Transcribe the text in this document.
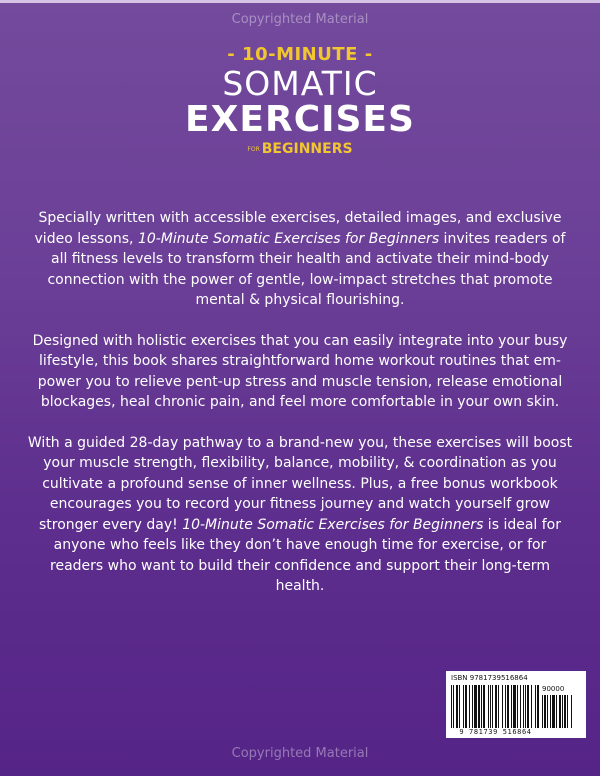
Copyrighted Material
- 10-MINUTE -
SOMATIC
EXERCISES
FOR BEGINNERS

Specially written with accessible exercises, detailed images, and exclusive video lessons, 10-Minute Somatic Exercises for Beginners invites readers of all fitness levels to transform their health and activate their mind-body connection with the power of gentle, low-impact stretches that promote mental & physical flourishing.

Designed with holistic exercises that you can easily integrate into your busy lifestyle, this book shares straightforward home workout routines that em-power you to relieve pent-up stress and muscle tension, release emotional blockages, heal chronic pain, and feel more comfortable in your own skin.

With a guided 28-day pathway to a brand-new you, these exercises will boost your muscle strength, flexibility, balance, mobility, & coordination as you cultivate a profound sense of inner wellness. Plus, a free bonus workbook encourages you to record your fitness journey and watch yourself grow stronger every day! 10-Minute Somatic Exercises for Beginners is ideal for anyone who feels like they don’t have enough time for exercise, or for readers who want to build their confidence and support their long-term health.

ISBN 9781739516864
90000
9 781739 516864
Copyrighted Material
